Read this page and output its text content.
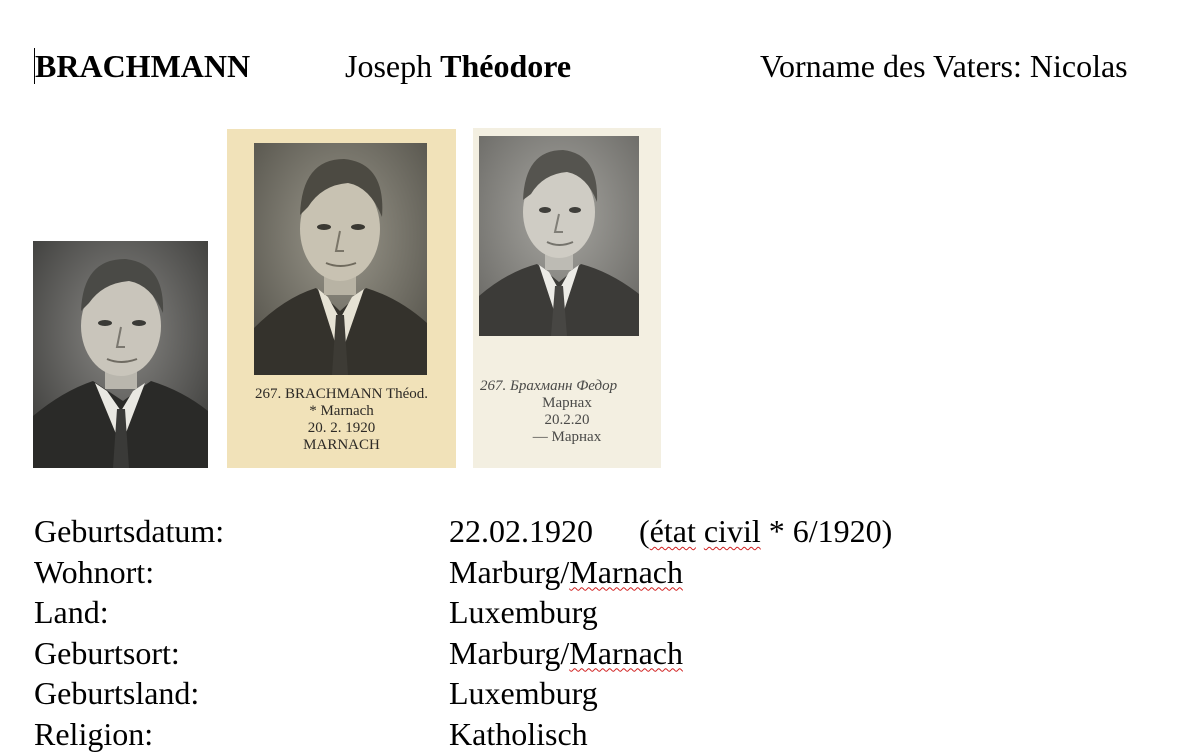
BRACHMANN	Joseph Théodore	Vorname des Vaters: Nicolas
267. BRACHMANN Théod.
* Marnach
20. 2. 1920
MARNACH
267. Брахманн Федор
Марнах
20.2.20
— Марнах
Geburtsdatum:	22.02.1920 (état civil * 6/1920)
Wohnort:	Marburg/Marnach
Land:	Luxemburg
Geburtsort:	Marburg/Marnach
Geburtsland:	Luxemburg
Religion:	Katholisch
